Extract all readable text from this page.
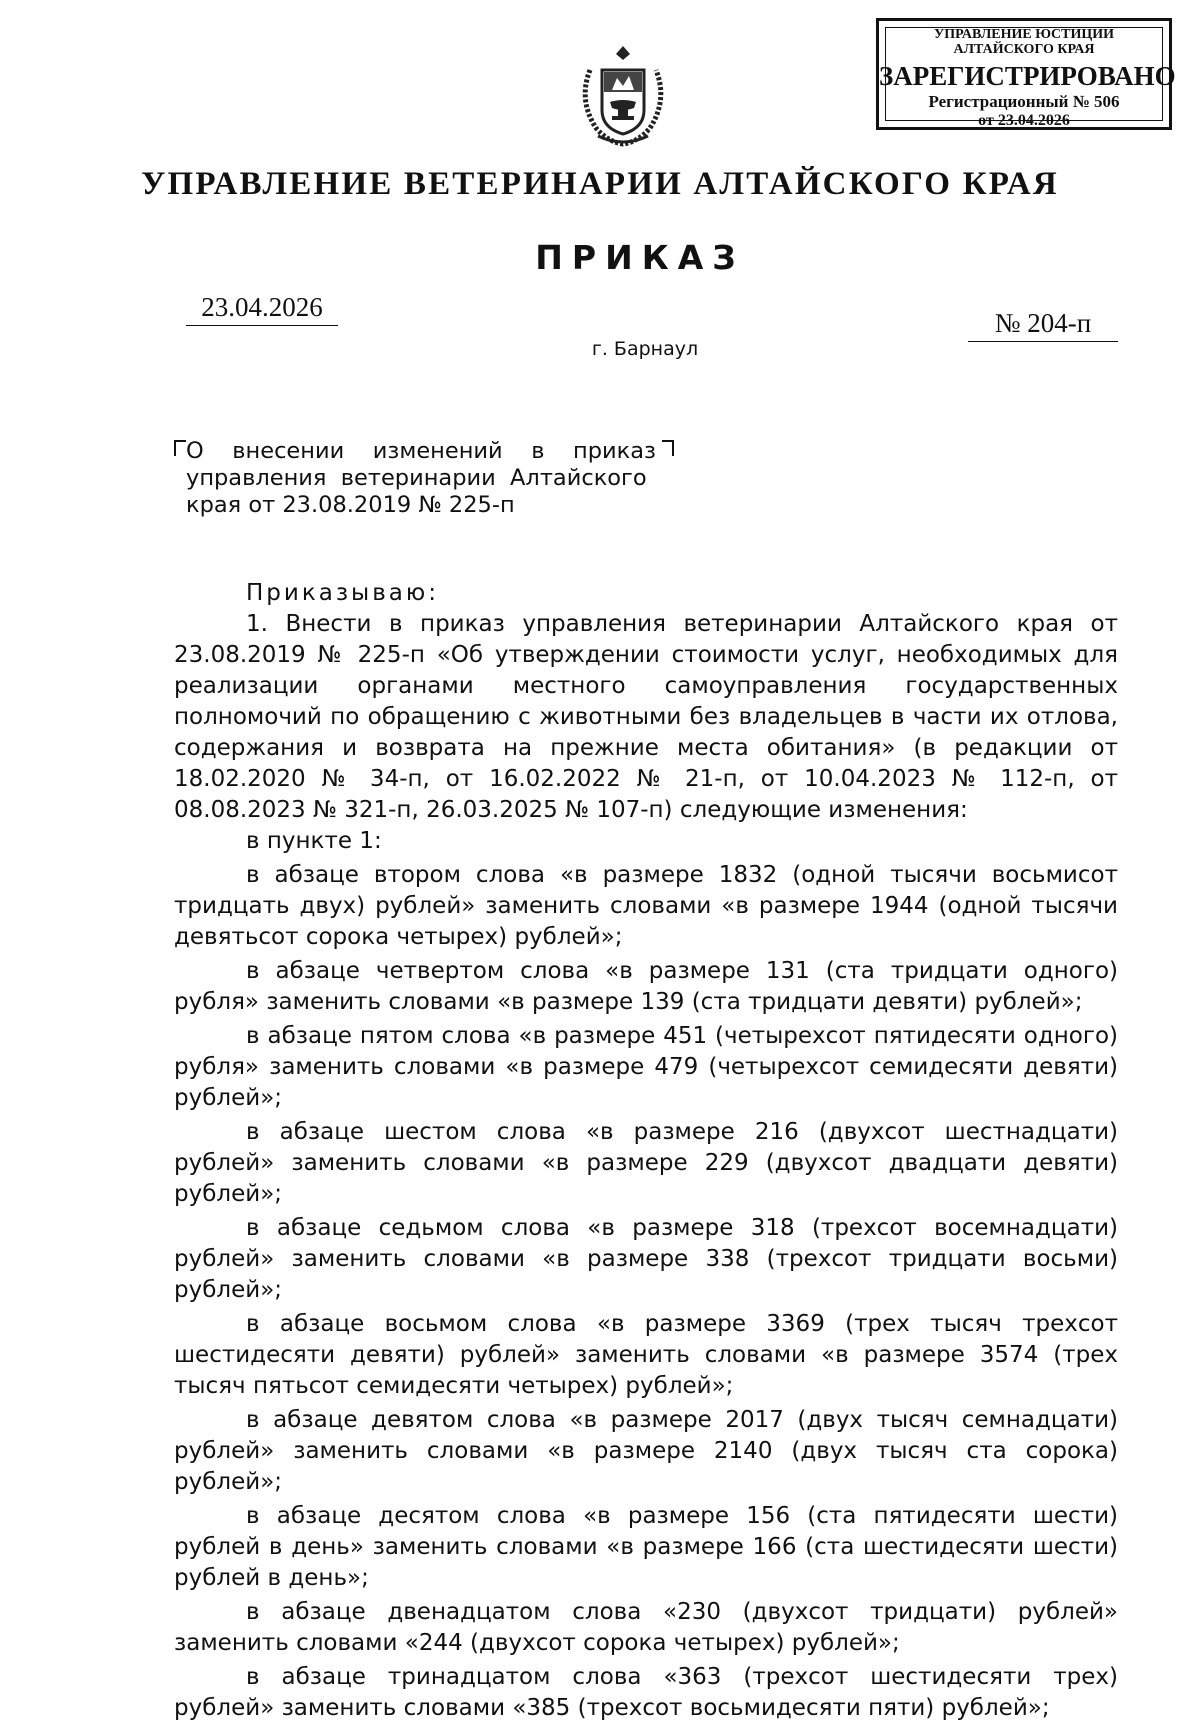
УПРАВЛЕНИЕ ЮСТИЦИИ
АЛТАЙСКОГО КРАЯ
ЗАРЕГИСТРИРОВАНО
Регистрационный № 506
от 23.04.2026
УПРАВЛЕНИЕ ВЕТЕРИНАРИИ АЛТАЙСКОГО КРАЯ
ПРИКАЗ
23.04.2026
№ 204-п
г. Барнаул
О внесении изменений в приказ
управления  ветеринарии  Алтайского
края от 23.08.2019 № 225-п

Приказываю:

1. Внести в приказ управления ветеринарии Алтайского края от 23.08.2019 № 225-п «Об утверждении стоимости услуг, необходимых для реализации органами местного самоуправления государственных полномочий по обращению с животными без владельцев в части их отлова, содержания и возврата на прежние места обитания» (в редакции от 18.02.2020 № 34-п, от 16.02.2022 № 21-п, от 10.04.2023 № 112-п, от 08.08.2023 № 321-п, 26.03.2025 № 107-п) следующие изменения:

в пункте 1:

в абзаце втором слова «в размере 1832 (одной тысячи восьмисот тридцать двух) рублей» заменить словами «в размере 1944 (одной тысячи девятьсот сорока четырех) рублей»;

в абзаце четвертом слова «в размере 131 (ста тридцати одного) рубля» заменить словами «в размере 139 (ста тридцати девяти) рублей»;

в абзаце пятом слова «в размере 451 (четырехсот пятидесяти одного) рубля» заменить словами «в размере 479 (четырехсот семидесяти девяти) рублей»;

в абзаце шестом слова «в размере 216 (двухсот шестнадцати) рублей» заменить словами «в размере 229 (двухсот двадцати девяти) рублей»;

в абзаце седьмом слова «в размере 318 (трехсот восемнадцати) рублей» заменить словами «в размере 338 (трехсот тридцати восьми) рублей»;

в абзаце восьмом слова «в размере 3369 (трех тысяч трехсот шестидесяти девяти) рублей» заменить словами «в размере 3574 (трех тысяч пятьсот семидесяти четырех) рублей»;

в абзаце девятом слова «в размере 2017 (двух тысяч семнадцати) рублей» заменить словами «в размере 2140 (двух тысяч ста сорока) рублей»;

в абзаце десятом слова «в размере 156 (ста пятидесяти шести) рублей в день» заменить словами «в размере 166 (ста шестидесяти шести) рублей в день»;

в абзаце двенадцатом слова «230 (двухсот тридцати) рублей» заменить словами «244 (двухсот сорока четырех) рублей»;

в абзаце тринадцатом слова «363 (трехсот шестидесяти трех) рублей» заменить словами «385 (трехсот восьмидесяти пяти) рублей»;
